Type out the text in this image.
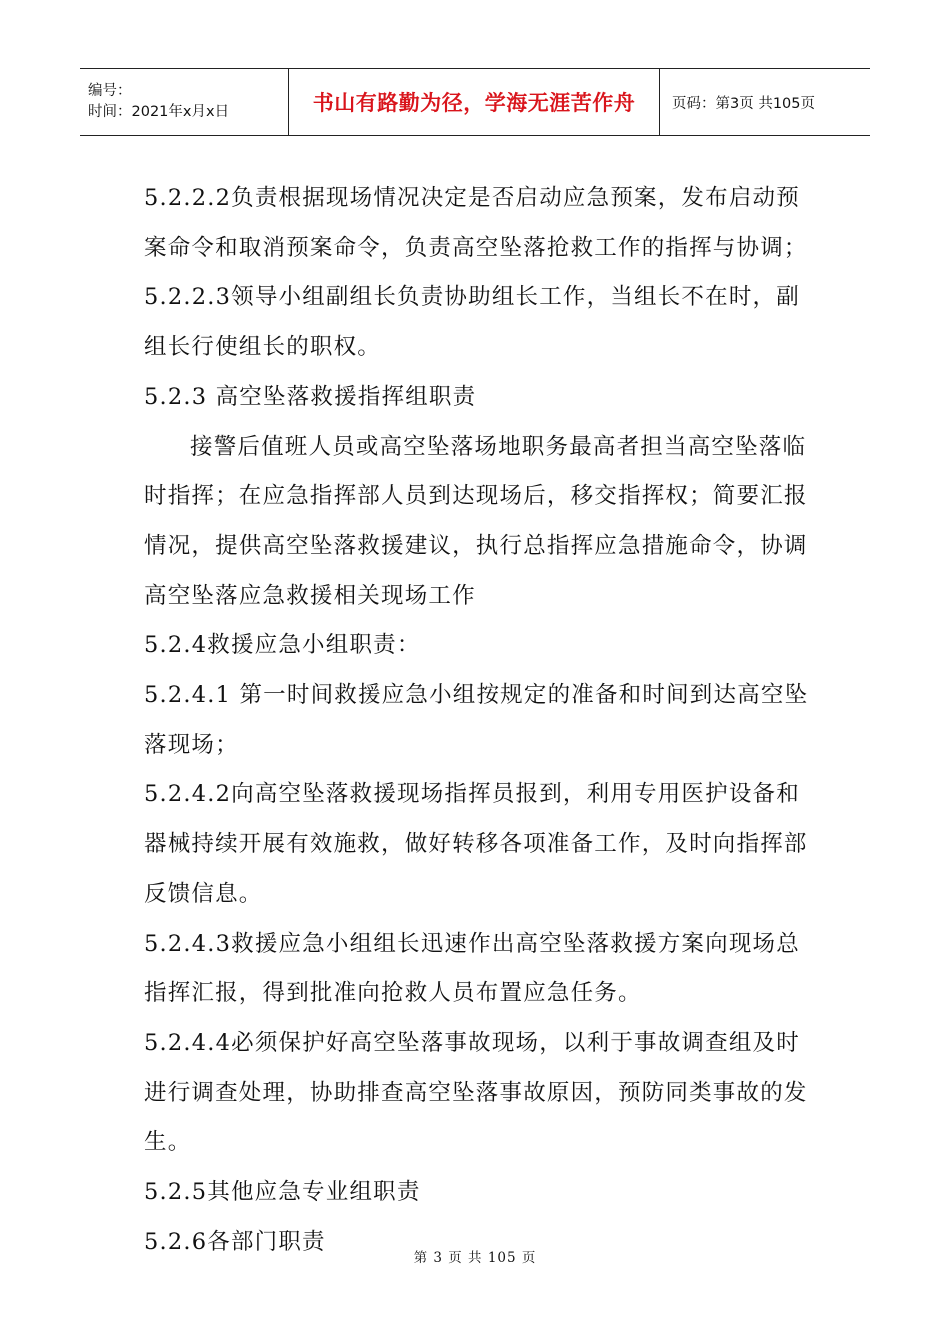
编号：
时间：2021年x月x日	书山有路勤为径，学海无涯苦作舟	页码：第3页 共105页

5.2.2.2负责根据现场情况决定是否启动应急预案，发布启动预案命令和取消预案命令，负责高空坠落抢救工作的指挥与协调；

5.2.2.3领导小组副组长负责协助组长工作，当组长不在时，副组长行使组长的职权。

5.2.3 高空坠落救援指挥组职责

接警后值班人员或高空坠落场地职务最高者担当高空坠落临时指挥；在应急指挥部人员到达现场后，移交指挥权；简要汇报情况，提供高空坠落救援建议，执行总指挥应急措施命令，协调高空坠落应急救援相关现场工作

5.2.4救援应急小组职责：

5.2.4.1 第一时间救援应急小组按规定的准备和时间到达高空坠落现场；

5.2.4.2向高空坠落救援现场指挥员报到，利用专用医护设备和器械持续开展有效施救，做好转移各项准备工作，及时向指挥部反馈信息。

5.2.4.3救援应急小组组长迅速作出高空坠落救援方案向现场总指挥汇报，得到批准向抢救人员布置应急任务。

5.2.4.4必须保护好高空坠落事故现场，以利于事故调查组及时进行调查处理，协助排查高空坠落事故原因，预防同类事故的发生。

5.2.5其他应急专业组职责

5.2.6各部门职责

第 3 页 共 105 页
